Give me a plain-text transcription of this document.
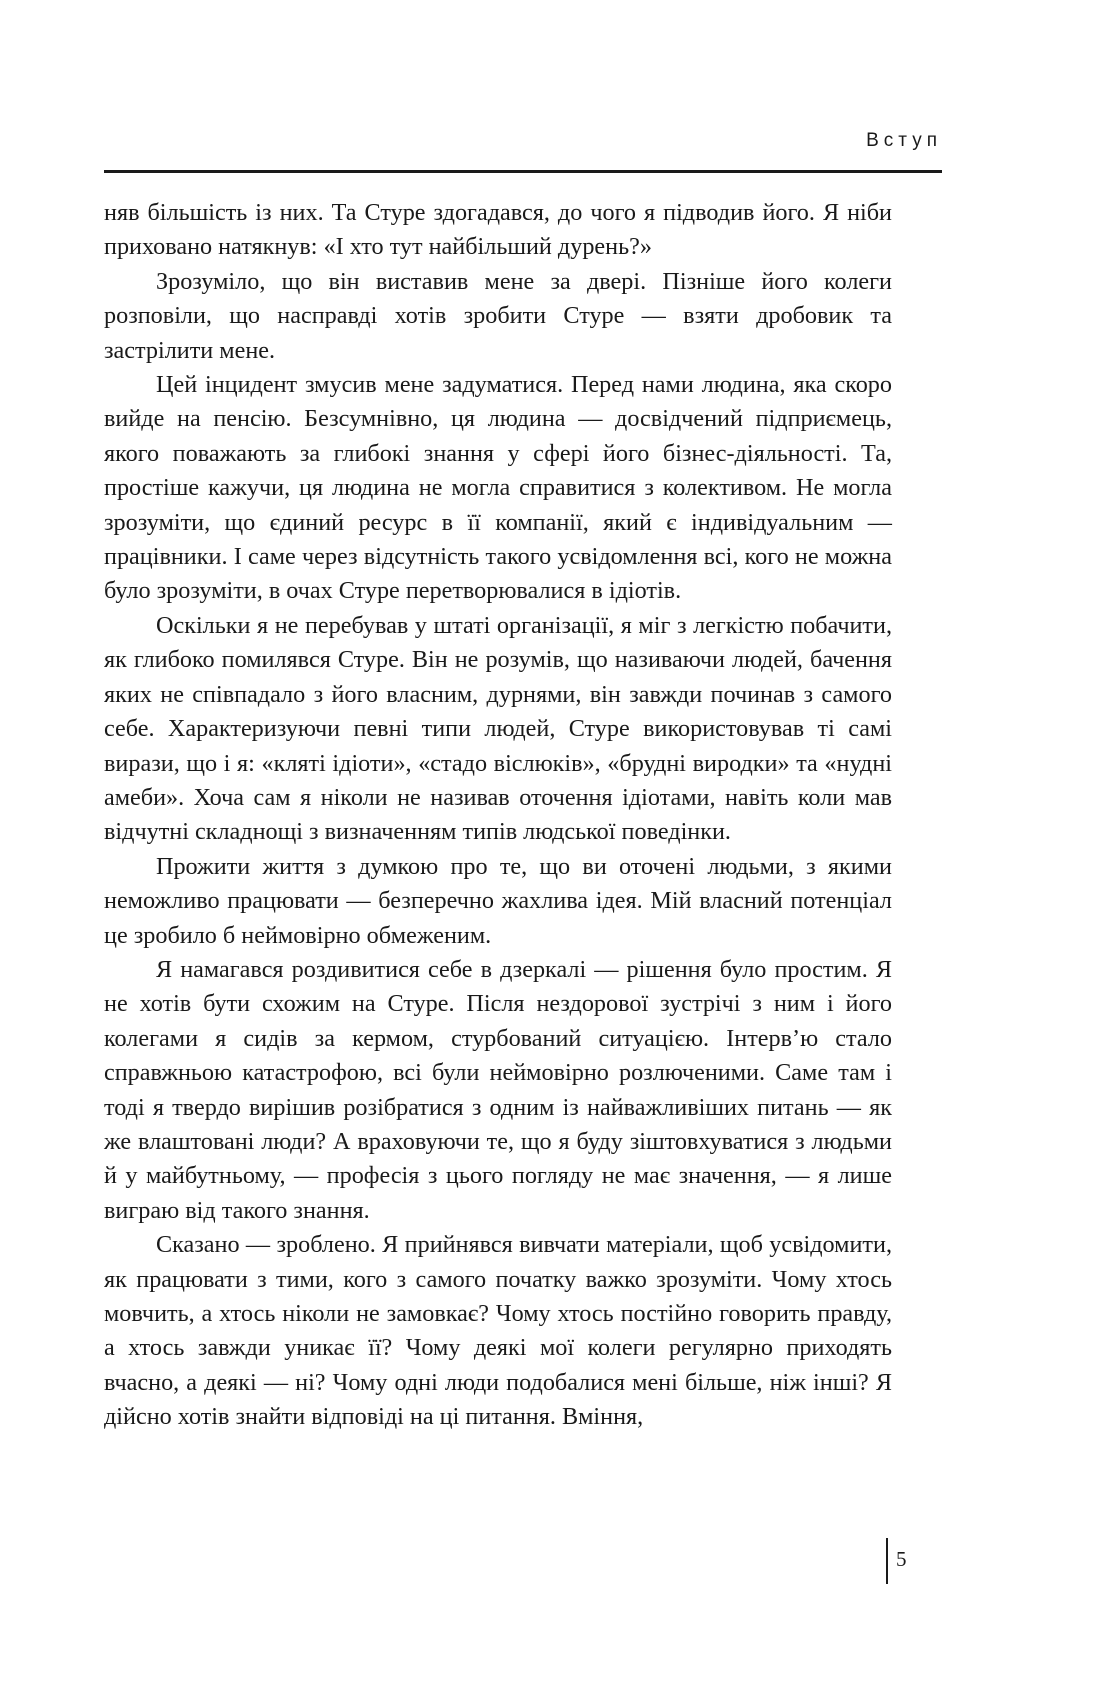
Вступ

няв більшість із них. Та Стуре здогадався, до чого я підводив його. Я ніби приховано натякнув: «І хто тут найбільший дурень?»

Зрозуміло, що він виставив мене за двері. Пізніше його колеги розповіли, що насправді хотів зробити Стуре — взяти дробовик та застрілити мене.

Цей інцидент змусив мене задуматися. Перед нами людина, яка скоро вийде на пенсію. Безсумнівно, ця людина — досвідчений підприємець, якого поважають за глибокі знання у сфері його бізнес-діяльності. Та, простіше кажучи, ця людина не могла справитися з колективом. Не могла зрозуміти, що єдиний ресурс в її компанії, який є індивідуальним — працівники. І саме через відсутність такого усвідомлення всі, кого не можна було зрозуміти, в очах Стуре перетворювалися в ідіотів.

Оскільки я не перебував у штаті організації, я міг з легкістю побачити, як глибоко помилявся Стуре. Він не розумів, що називаючи людей, бачення яких не співпадало з його власним, дурнями, він завжди починав з самого себе. Характеризуючи певні типи людей, Стуре використовував ті самі вирази, що і я: «кляті ідіоти», «стадо віслюків», «брудні виродки» та «нудні амеби». Хоча сам я ніколи не називав оточення ідіотами, навіть коли мав відчутні складнощі з визначенням типів людської поведінки.

Прожити життя з думкою про те, що ви оточені людьми, з якими неможливо працювати — безперечно жахлива ідея. Мій власний потенціал це зробило б неймовірно обмеженим.

Я намагався роздивитися себе в дзеркалі — рішення було простим. Я не хотів бути схожим на Стуре. Після нездорової зустрічі з ним і його колегами я сидів за кермом, стурбований ситуацією. Інтерв’ю стало справжньою катастрофою, всі були неймовірно розлюченими. Саме там і тоді я твердо вирішив розібратися з одним із найважливіших питань — як же влаштовані люди? А враховуючи те, що я буду зіштовхуватися з людьми й у майбутньому, — професія з цього погляду не має значення, — я лише виграю від такого знання.

Сказано — зроблено. Я прийнявся вивчати матеріали, щоб усвідомити, як працювати з тими, кого з самого початку важко зрозуміти. Чому хтось мовчить, а хтось ніколи не замовкає? Чому хтось постійно говорить правду, а хтось завжди уникає її? Чому деякі мої колеги регулярно приходять вчасно, а деякі — ні? Чому одні люди подобалися мені більше, ніж інші? Я дійсно хотів знайти відповіді на ці питання. Вміння,

5
